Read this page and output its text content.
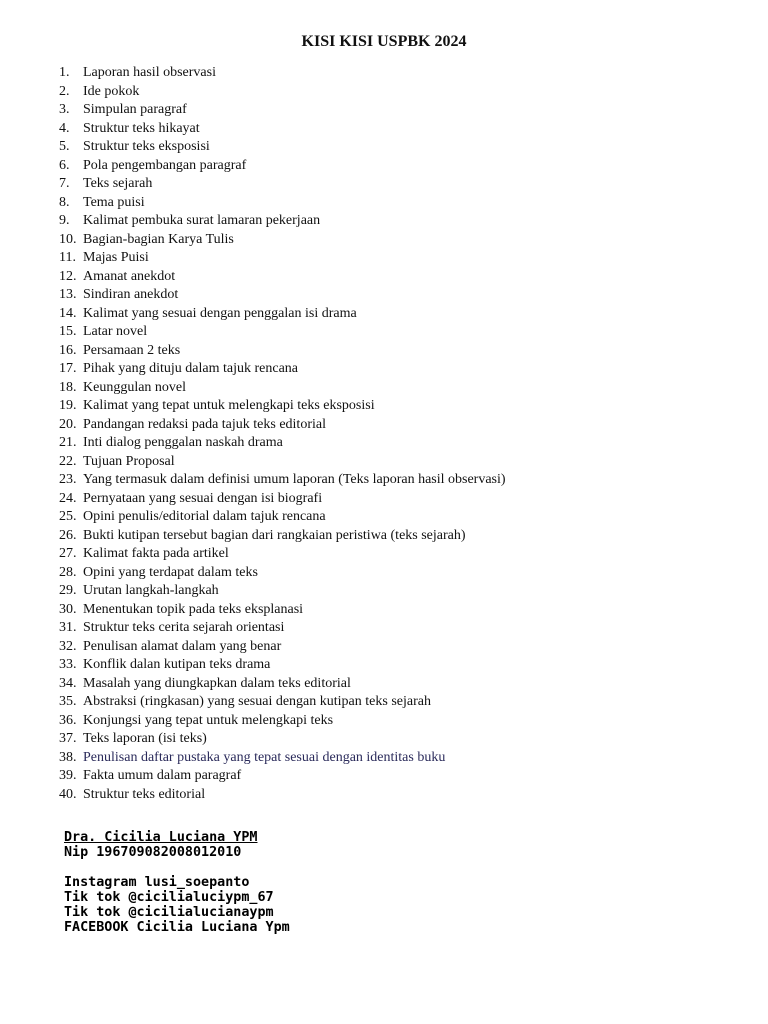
KISI KISI USPBK 2024
1. Laporan hasil observasi
2. Ide pokok
3. Simpulan paragraf
4. Struktur teks hikayat
5. Struktur teks eksposisi
6. Pola pengembangan paragraf
7. Teks sejarah
8. Tema puisi
9. Kalimat pembuka surat lamaran pekerjaan
10. Bagian-bagian Karya Tulis
11. Majas Puisi
12. Amanat anekdot
13. Sindiran anekdot
14. Kalimat yang sesuai dengan penggalan isi drama
15. Latar novel
16. Persamaan 2 teks
17. Pihak yang dituju dalam tajuk rencana
18. Keunggulan novel
19. Kalimat yang tepat untuk melengkapi teks eksposisi
20. Pandangan redaksi pada tajuk teks editorial
21. Inti dialog penggalan naskah drama
22. Tujuan Proposal
23. Yang termasuk dalam definisi umum laporan (Teks laporan hasil observasi)
24. Pernyataan yang sesuai dengan isi biografi
25. Opini penulis/editorial dalam tajuk rencana
26. Bukti kutipan tersebut bagian dari rangkaian peristiwa (teks sejarah)
27. Kalimat fakta pada artikel
28. Opini yang terdapat dalam teks
29. Urutan langkah-langkah
30. Menentukan topik pada teks eksplanasi
31. Struktur teks cerita sejarah orientasi
32. Penulisan alamat dalam yang benar
33. Konflik dalan kutipan teks drama
34. Masalah yang diungkapkan dalam teks editorial
35. Abstraksi (ringkasan) yang sesuai dengan kutipan teks sejarah
36. Konjungsi yang tepat untuk melengkapi teks
37. Teks laporan (isi teks)
38. Penulisan daftar pustaka yang tepat sesuai dengan identitas buku
39. Fakta umum dalam paragraf
40. Struktur teks editorial
Dra. Cicilia Luciana YPM
Nip 196709082008012010
Instagram lusi_soepanto
Tik tok @cicilialuciypm_67
Tik tok @cicilialucianaypm
FACEBOOK Cicilia Luciana Ypm
